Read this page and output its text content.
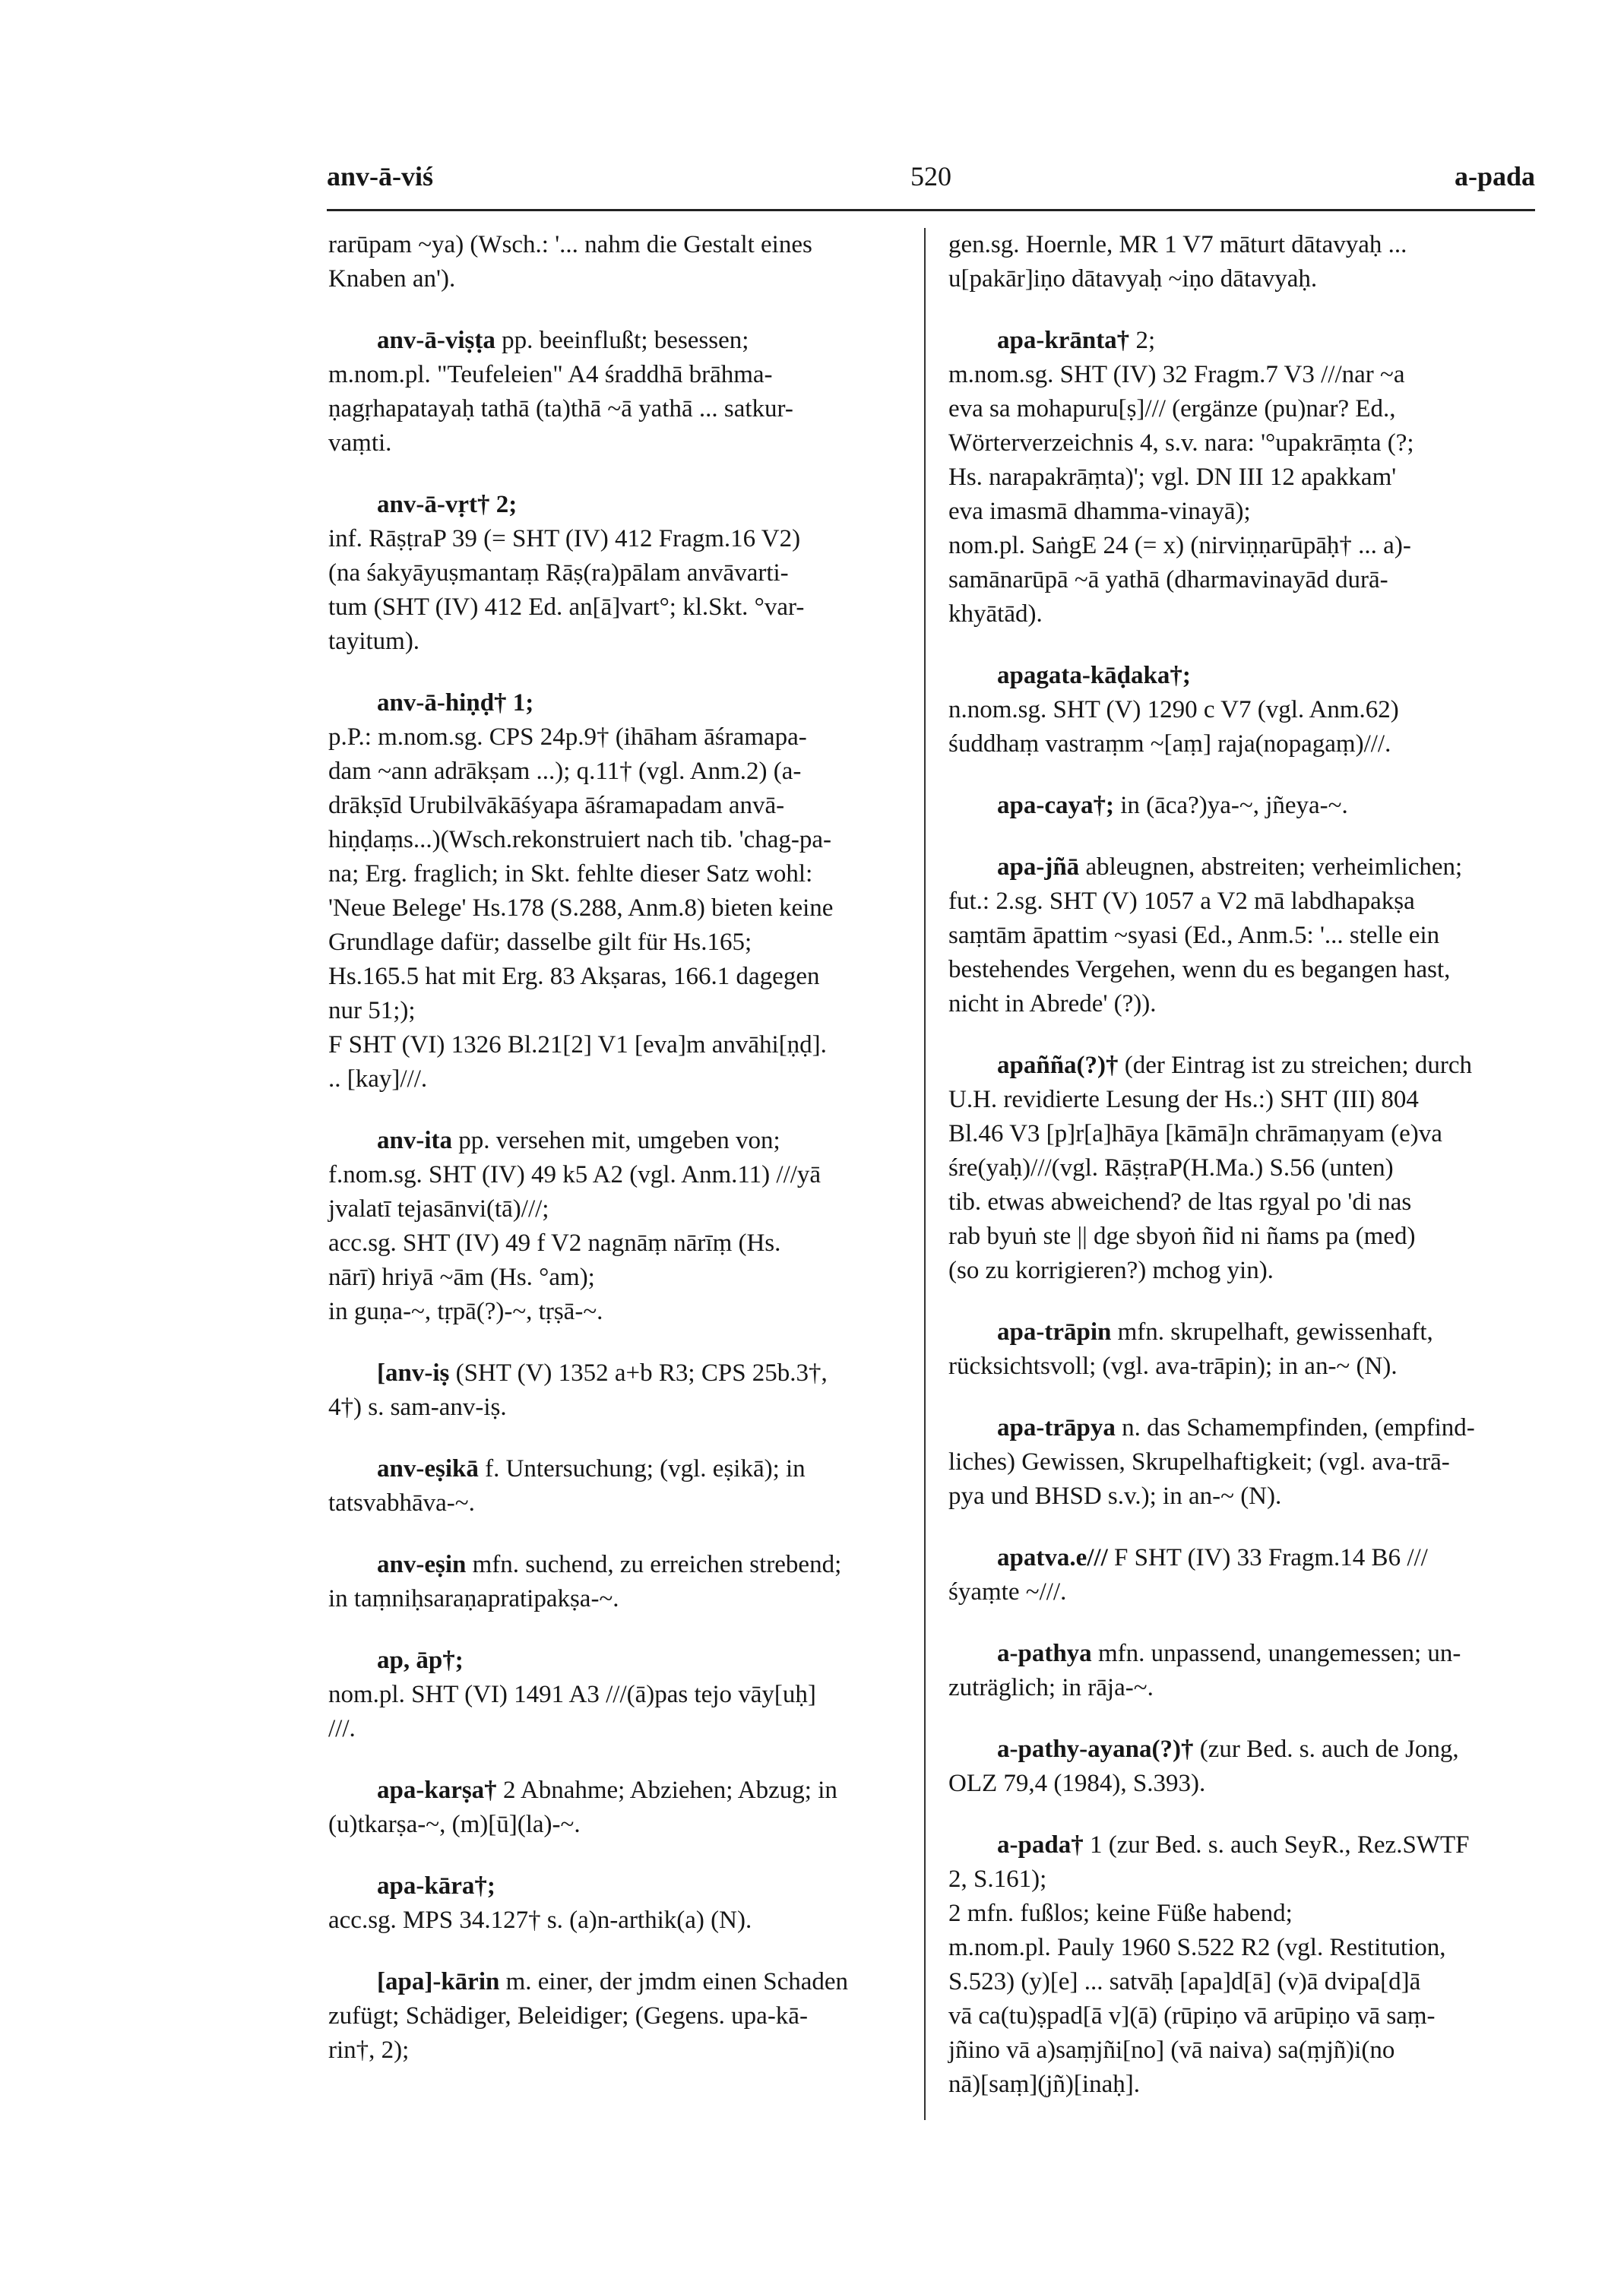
anv-ā-viś	520	a-pada
rarūpam ~ya) (Wsch.: '... nahm die Gestalt eines
Knaben an').
anv-ā-viṣṭa pp. beeinflußt; besessen;
m.nom.pl. "Teufeleien" A4 śraddhā brāhma-
ṇagṛhapatayaḥ tathā (ta)thā ~ā yathā ... satkur-
vaṃti.
anv-ā-vṛt† 2;
inf. RāṣṭraP 39 (= SHT (IV) 412 Fragm.16 V2)
(na śakyāyuṣmantaṃ Rāṣ(ra)pālam anvāvarti-
tum (SHT (IV) 412 Ed. an[ā]vart°; kl.Skt. °var-
tayitum).
anv-ā-hiṇḍ† 1;
p.P.: m.nom.sg. CPS 24p.9† (ihāham āśramapa-
dam ~ann adrākṣam ...); q.11† (vgl. Anm.2) (a-
drākṣīd Urubilvākāśyapa āśramapadam anvā-
hiṇḍaṃs...)(Wsch.rekonstruiert nach tib. 'chag-pa-
na; Erg. fraglich; in Skt. fehlte dieser Satz wohl:
'Neue Belege' Hs.178 (S.288, Anm.8) bieten keine
Grundlage dafür; dasselbe gilt für Hs.165;
Hs.165.5 hat mit Erg. 83 Akṣaras, 166.1 dagegen
nur 51;);
F SHT (VI) 1326 Bl.21[2] V1 [eva]m anvāhi[ṇḍ].
.. [kay]///.
anv-ita pp. versehen mit, umgeben von;
f.nom.sg. SHT (IV) 49 k5 A2 (vgl. Anm.11) ///yā
jvalatī tejasānvi(tā)///;
acc.sg. SHT (IV) 49 f V2 nagnāṃ nārīṃ (Hs.
nārī) hriyā ~ām (Hs. °am);
in guṇa-~, tṛpā(?)-~, tṛṣā-~.
[anv-iṣ (SHT (V) 1352 a+b R3; CPS 25b.3†,
4†) s. sam-anv-iṣ.
anv-eṣikā f. Untersuchung; (vgl. eṣikā); in
tatsvabhāva-~.
anv-eṣin mfn. suchend, zu erreichen strebend;
in taṃniḥsaraṇapratipakṣa-~.
ap, āp†;
nom.pl. SHT (VI) 1491 A3 ///(ā)pas tejo vāy[uḥ]
///.
apa-karṣa† 2 Abnahme; Abziehen; Abzug; in
(u)tkarṣa-~, (m)[ū](la)-~.
apa-kāra†;
acc.sg. MPS 34.127† s. (a)n-arthik(a) (N).
[apa]-kārin m. einer, der jmdm einen Schaden
zufügt; Schädiger, Beleidiger; (Gegens. upa-kā-
rin†, 2);
gen.sg. Hoernle, MR 1 V7 māturt dātavyaḥ ...
u[pakār]iṇo dātavyaḥ ~iṇo dātavyaḥ.
apa-krānta† 2;
m.nom.sg. SHT (IV) 32 Fragm.7 V3 ///nar ~a
eva sa mohapuru[ṣ]/// (ergänze (pu)nar? Ed.,
Wörterverzeichnis 4, s.v. nara: '°upakrāṃta (?;
Hs. narapakrāṃta)'; vgl. DN III 12 apakkam'
eva imasmā dhamma-vinayā);
nom.pl. SaṅgE 24 (= x) (nirviṇṇarūpāḥ† ... a)-
samānarūpā ~ā yathā (dharmavinayād durā-
khyātād).
apagata-kāḍaka†;
n.nom.sg. SHT (V) 1290 c V7 (vgl. Anm.62)
śuddhaṃ vastraṃm ~[aṃ] raja(nopagaṃ)///.
apa-caya†; in (āca?)ya-~, jñeya-~.
apa-jñā ableugnen, abstreiten; verheimlichen;
fut.: 2.sg. SHT (V) 1057 a V2 mā labdhapakṣa
saṃtām āpattim ~syasi (Ed., Anm.5: '... stelle ein
bestehendes Vergehen, wenn du es begangen hast,
nicht in Abrede' (?)).
apañña(?)† (der Eintrag ist zu streichen; durch
U.H. revidierte Lesung der Hs.:) SHT (III) 804
Bl.46 V3 [p]r[a]hāya [kāmā]n chrāmaṇyam (e)va
śre(yaḥ)///(vgl. RāṣṭraP(H.Ma.) S.56 (unten)
tib. etwas abweichend? de ltas rgyal po 'di nas
rab byuṅ ste || dge sbyoṅ ñid ni ñams pa (med)
(so zu korrigieren?) mchog yin).
apa-trāpin mfn. skrupelhaft, gewissenhaft,
rücksichtsvoll; (vgl. ava-trāpin); in an-~ (N).
apa-trāpya n. das Schamempfinden, (empfind-
liches) Gewissen, Skrupelhaftigkeit; (vgl. ava-trā-
pya und BHSD s.v.); in an-~ (N).
apatva.e/// F SHT (IV) 33 Fragm.14 B6 ///
śyaṃte ~///.
a-pathya mfn. unpassend, unangemessen; un-
zuträglich; in rāja-~.
a-pathy-ayana(?)† (zur Bed. s. auch de Jong,
OLZ 79,4 (1984), S.393).
a-pada† 1 (zur Bed. s. auch SeyR., Rez.SWTF
2, S.161);
2 mfn. fußlos; keine Füße habend;
m.nom.pl. Pauly 1960 S.522 R2 (vgl. Restitution,
S.523) (y)[e] ... satvāḥ [apa]d[ā] (v)ā dvipa[d]ā
vā ca(tu)ṣpad[ā v](ā) (rūpiṇo vā arūpiṇo vā saṃ-
jñino vā a)saṃjñi[no] (vā naiva) sa(ṃjñ)i(no
nā)[saṃ](jñ)[inaḥ].
